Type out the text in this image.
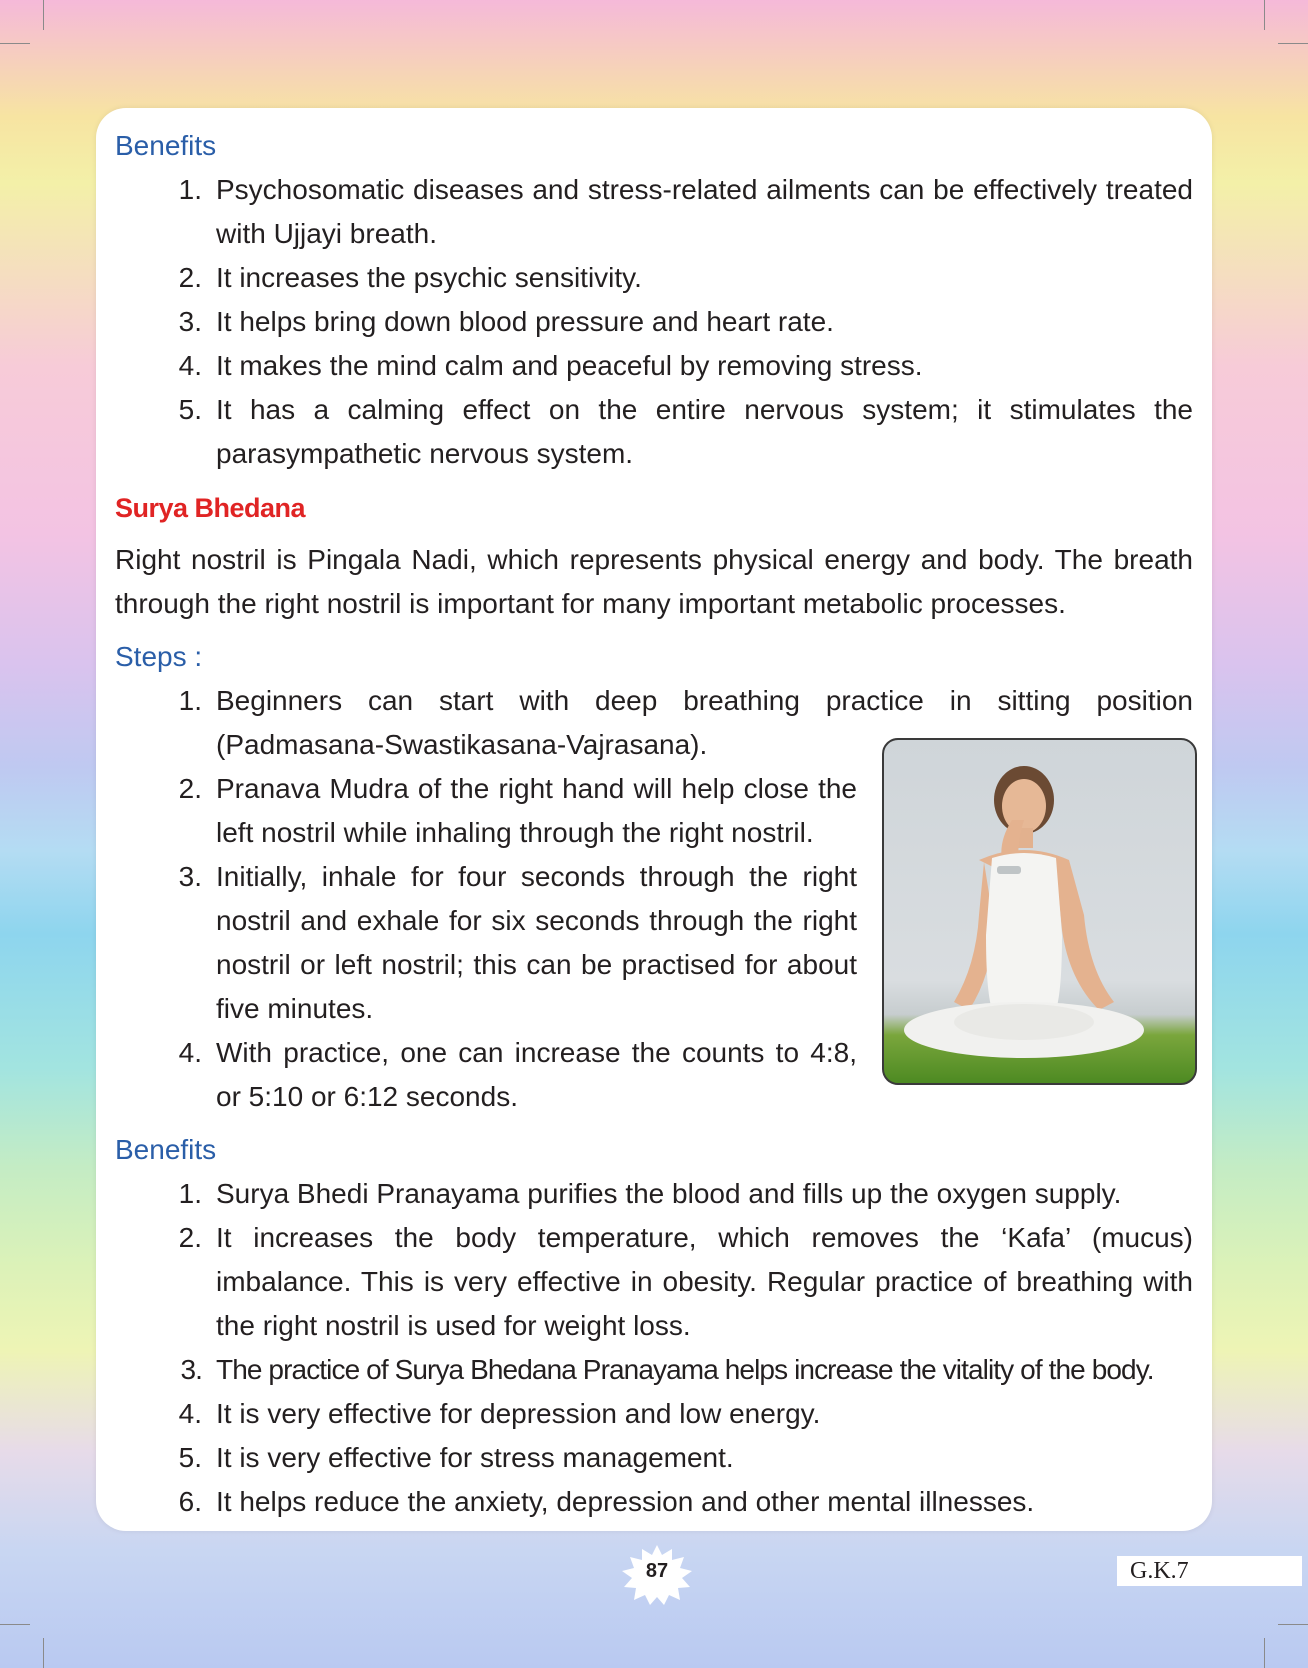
Benefits
1. Psychosomatic diseases and stress-related ailments can be effectively treated with Ujjayi breath.
2. It increases the psychic sensitivity.
3. It helps bring down blood pressure and heart rate.
4. It makes the mind calm and peaceful by removing stress.
5. It has a calming effect on the entire nervous system; it stimulates the parasympathetic nervous system.
Surya Bhedana
Right nostril is Pingala Nadi, which represents physical energy and body. The breath through the right nostril is important for many important metabolic processes.
Steps :
1. Beginners can start with deep breathing practice in sitting position (Padmasana-Swastikasana-Vajrasana).
2. Pranava Mudra of the right hand will help close the left nostril while inhaling through the right nostril.
3. Initially, inhale for four seconds through the right nostril and exhale for six seconds through the right nostril or left nostril; this can be practised for about five minutes.
4. With practice, one can increase the counts to 4:8, or 5:10 or 6:12 seconds.
Benefits
1. Surya Bhedi Pranayama purifies the blood and fills up the oxygen supply.
2. It increases the body temperature, which removes the ‘Kafa’ (mucus) imbalance. This is very effective in obesity. Regular practice of breathing with the right nostril is used for weight loss.
3. The practice of Surya Bhedana Pranayama helps increase the vitality of the body.
4. It is very effective for depression and low energy.
5. It is very effective for stress management.
6. It helps reduce the anxiety, depression and other mental illnesses.
87	G.K.7
